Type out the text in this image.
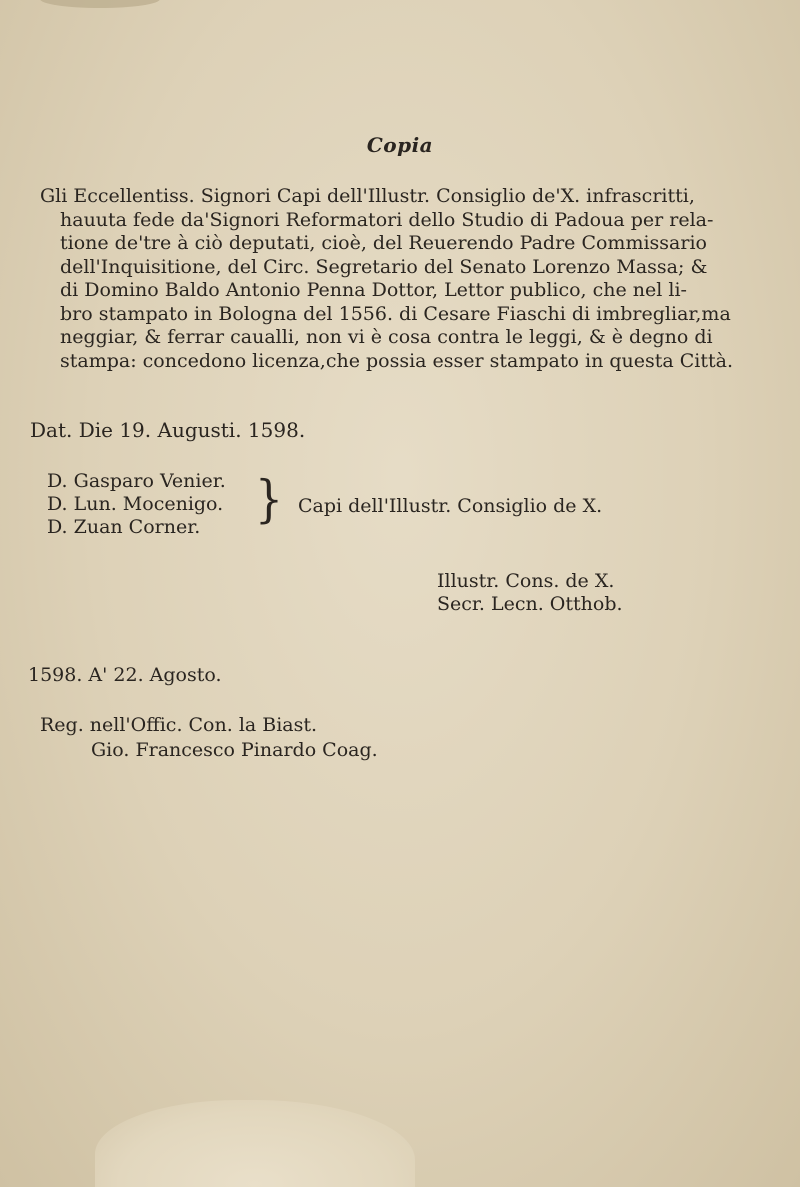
Copia
Gli Eccellentiss. Signori Capi dell'Illustr. Consiglio de'X. infrascritti,
hauuta fede da'Signori Reformatori dello Studio di Padoua per rela-
tione de'tre à ciò deputati, cioè, del Reuerendo Padre Commissario
dell'Inquisitione, del Circ. Segretario del Senato Lorenzo Massa; &
di Domino Baldo Antonio Penna Dottor, Lettor publico, che nel li-
bro stampato in Bologna del 1556. di Cesare Fiaschi di imbregliar,ma
neggiar, & ferrar caualli, non vi è cosa contra le leggi, & è degno di
stampa: concedono licenza,che possia esser stampato in questa Città.
Dat. Die 19. Augusti. 1598.
D. Gasparo Venier.
D. Lun. Mocenigo.
D. Zuan Corner.	} Capi dell'Illustr. Consiglio de X.
Illustr. Cons. de X.
Secr. Lecn. Otthob.
1598. A' 22. Agosto.
Reg. nell'Offic. Con. la Biast.
Gio. Francesco Pinardo Coag.
